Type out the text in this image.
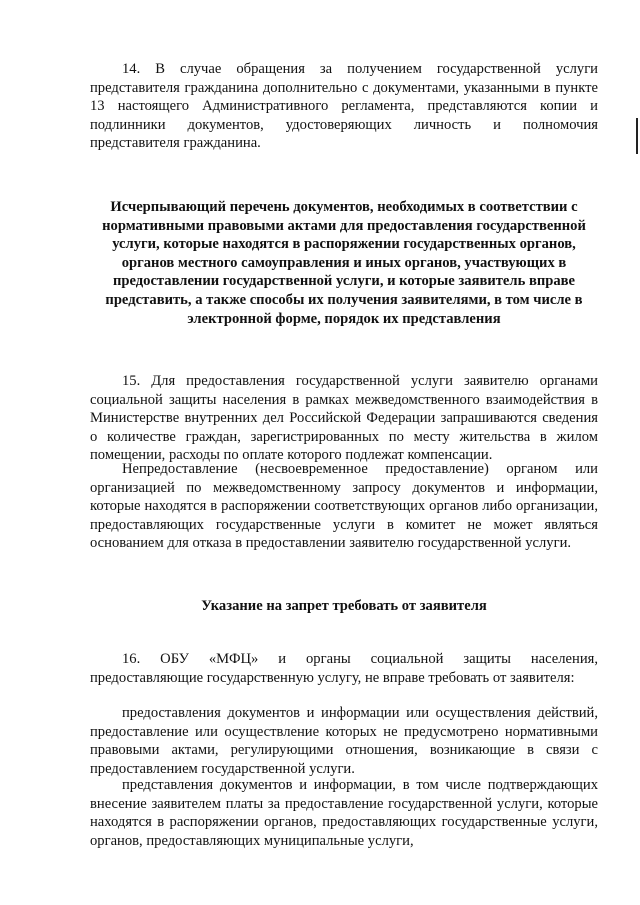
14. В случае обращения за получением государственной услуги представителя гражданина дополнительно с документами, указанными в пункте 13 настоящего Административного регламента, представляются копии и подлинники документов, удостоверяющих личность и полномочия представителя гражданина.

Исчерпывающий перечень документов, необходимых в соответствии с нормативными правовыми актами для предоставления государственной услуги, которые находятся в распоряжении государственных органов, органов местного самоуправления и иных органов, участвующих в предоставлении государственной услуги, и которые заявитель вправе представить, а также способы их получения заявителями, в том числе в электронной форме, порядок их представления

15. Для предоставления государственной услуги заявителю органами социальной защиты населения в рамках межведомственного взаимодействия в Министерстве внутренних дел Российской Федерации запрашиваются сведения о количестве граждан, зарегистрированных по месту жительства в жилом помещении, расходы по оплате которого подлежат компенсации.

Непредоставление (несвоевременное предоставление) органом или организацией по межведомственному запросу документов и информации, которые находятся в распоряжении соответствующих органов либо организации, предоставляющих государственные услуги в комитет не может являться основанием для отказа в предоставлении заявителю государственной услуги.

Указание на запрет требовать от заявителя

16. ОБУ «МФЦ» и органы социальной защиты населения, предоставляющие государственную услугу, не вправе требовать от заявителя:

предоставления документов и информации или осуществления действий, предоставление или осуществление которых не предусмотрено нормативными правовыми актами, регулирующими отношения, возникающие в связи с предоставлением государственной услуги.

представления документов и информации, в том числе подтверждающих внесение заявителем платы за предоставление государственной услуги, которые находятся в распоряжении органов, предоставляющих государственные услуги, органов, предоставляющих муниципальные услуги,
